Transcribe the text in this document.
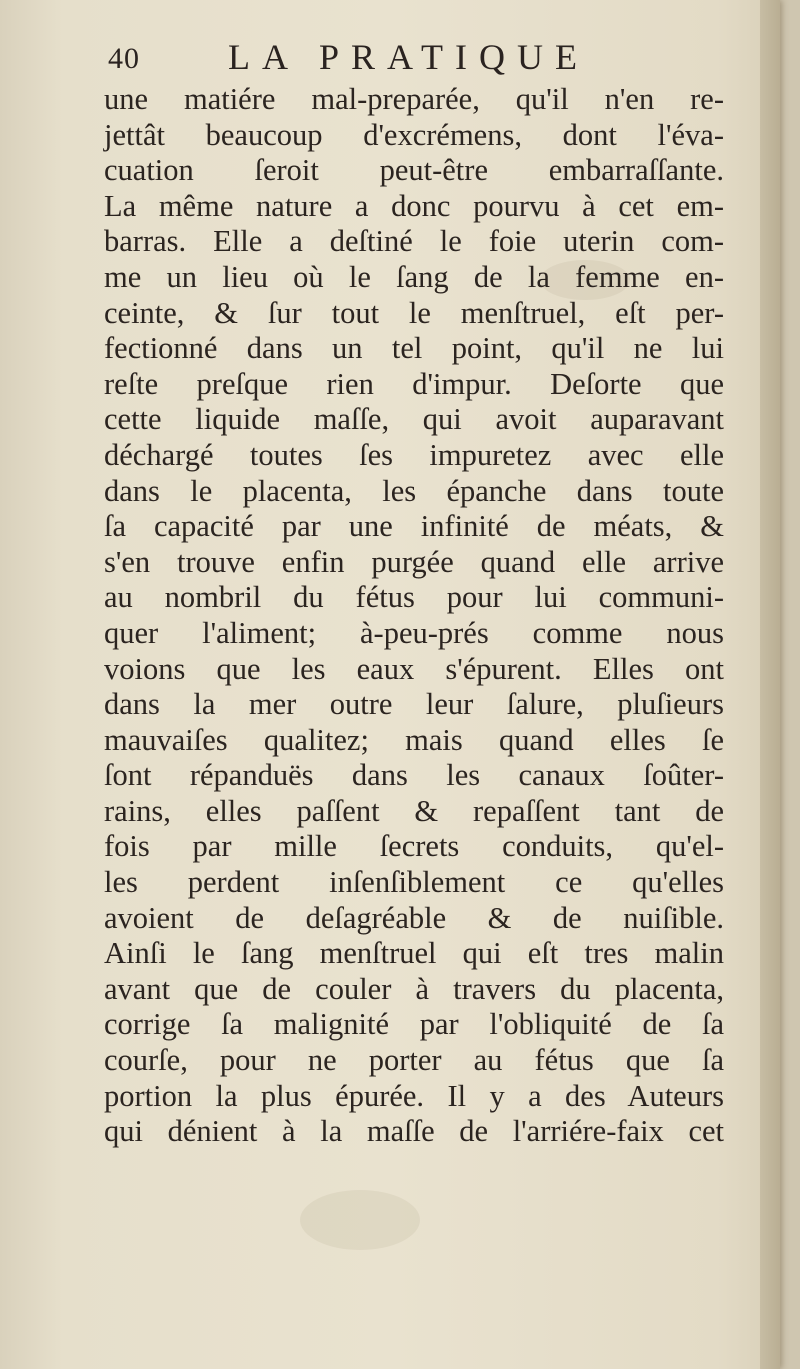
40 LA PRATIQUE
une matiére mal-preparée, qu'il n'en re-
jettât beaucoup d'excrémens, dont l'éva-
cuation ſeroit peut-être embarraſſante.
La même nature a donc pourvu à cet em-
barras. Elle a deſtiné le foie uterin com-
me un lieu où le ſang de la femme en-
ceinte, & ſur tout le menſtruel, eſt per-
fectionné dans un tel point, qu'il ne lui
reſte preſque rien d'impur. Deſorte que
cette liquide maſſe, qui avoit auparavant
déchargé toutes ſes impuretez avec elle
dans le placenta, les épanche dans toute
ſa capacité par une infinité de méats, &
s'en trouve enfin purgée quand elle arrive
au nombril du fétus pour lui communi-
quer l'aliment; à-peu-prés comme nous
voions que les eaux s'épurent. Elles ont
dans la mer outre leur ſalure, pluſieurs
mauvaiſes qualitez; mais quand elles ſe
ſont répanduës dans les canaux ſoûter-
rains, elles paſſent & repaſſent tant de
fois par mille ſecrets conduits, qu'el-
les perdent inſenſiblement ce qu'elles
avoient de deſagréable & de nuiſible.
Ainſi le ſang menſtruel qui eſt tres malin
avant que de couler à travers du placenta,
corrige ſa malignité par l'obliquité de ſa
courſe, pour ne porter au fétus que ſa
portion la plus épurée. Il y a des Auteurs
qui dénient à la maſſe de l'arriére-faix cet
